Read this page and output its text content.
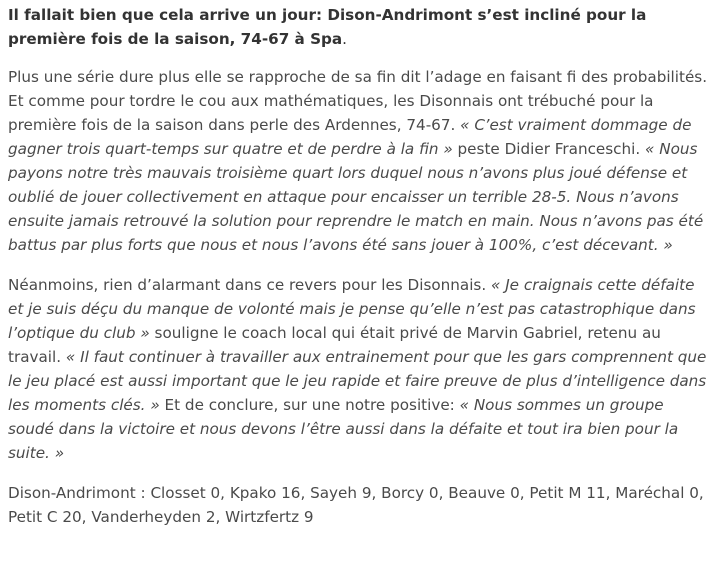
Il fallait bien que cela arrive un jour: Dison-Andrimont s’est incliné pour la première fois de la saison, 74-67 à Spa.

Plus une série dure plus elle se rapproche de sa fin dit l’adage en faisant fi des probabilités. Et comme pour tordre le cou aux mathématiques, les Disonnais ont trébuché pour la première fois de la saison dans perle des Ardennes, 74-67. « C’est vraiment dommage de gagner trois quart-temps sur quatre et de perdre à la fin » peste Didier Franceschi. « Nous payons notre très mauvais troisième quart lors duquel nous n’avons plus joué défense et oublié de jouer collectivement en attaque pour encaisser un terrible 28-5. Nous n’avons ensuite jamais retrouvé la solution pour reprendre le match en main. Nous n’avons pas été battus par plus forts que nous et nous l’avons été sans jouer à 100%, c’est décevant. »

Néanmoins, rien d’alarmant dans ce revers pour les Disonnais. « Je craignais cette défaite et je suis déçu du manque de volonté mais je pense qu’elle n’est pas catastrophique dans l’optique du club » souligne le coach local qui était privé de Marvin Gabriel, retenu au travail. « Il faut continuer à travailler aux entrainement pour que les gars comprennent que le jeu placé est aussi important que le jeu rapide et faire preuve de plus d’intelligence dans les moments clés. » Et de conclure, sur une notre positive: « Nous sommes un groupe soudé dans la victoire et nous devons l’être aussi dans la défaite et tout ira bien pour la suite. »

Dison-Andrimont : Closset 0, Kpako 16, Sayeh 9, Borcy 0, Beauve 0, Petit M 11, Maréchal 0, Petit C 20, Vanderheyden 2, Wirtzfertz 9
